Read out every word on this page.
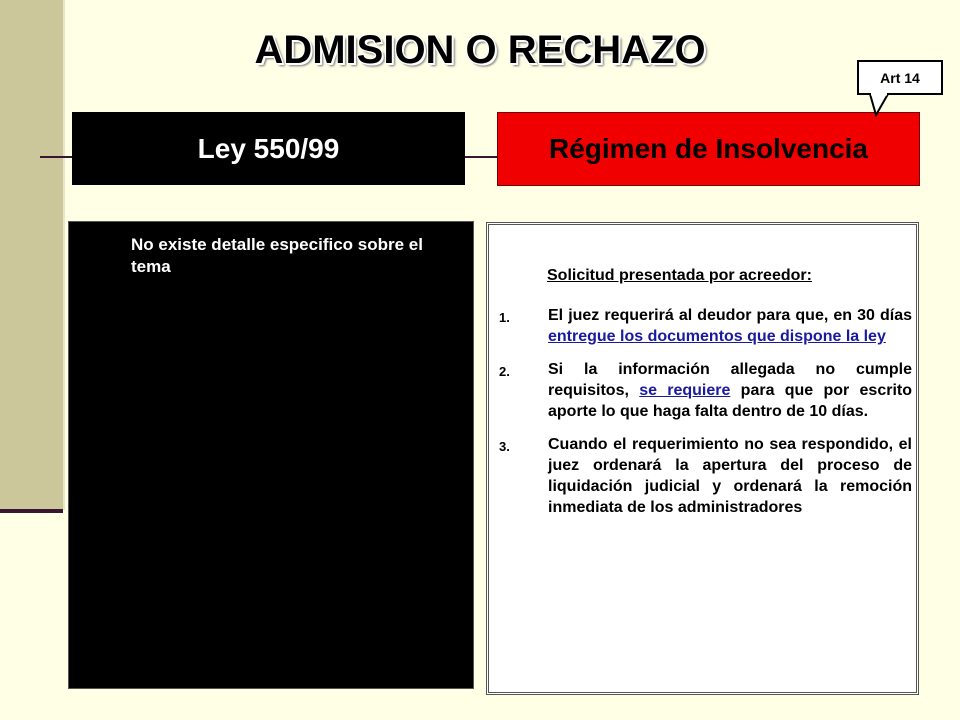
ADMISION O RECHAZO
Ley 550/99	Régimen de Insolvencia
Art 14
No existe detalle especifico sobre el tema	Solicitud presentada por acreedor:
1. El juez requerirá al deudor para que, en 30 días entregue los documentos que dispone la ley
2. Si la información allegada no cumple requisitos, se requiere para que por escrito aporte lo que haga falta dentro de 10 días.
3. Cuando el requerimiento no sea respondido, el juez ordenará la apertura del proceso de liquidación judicial y ordenará la remoción inmediata de los administradores
